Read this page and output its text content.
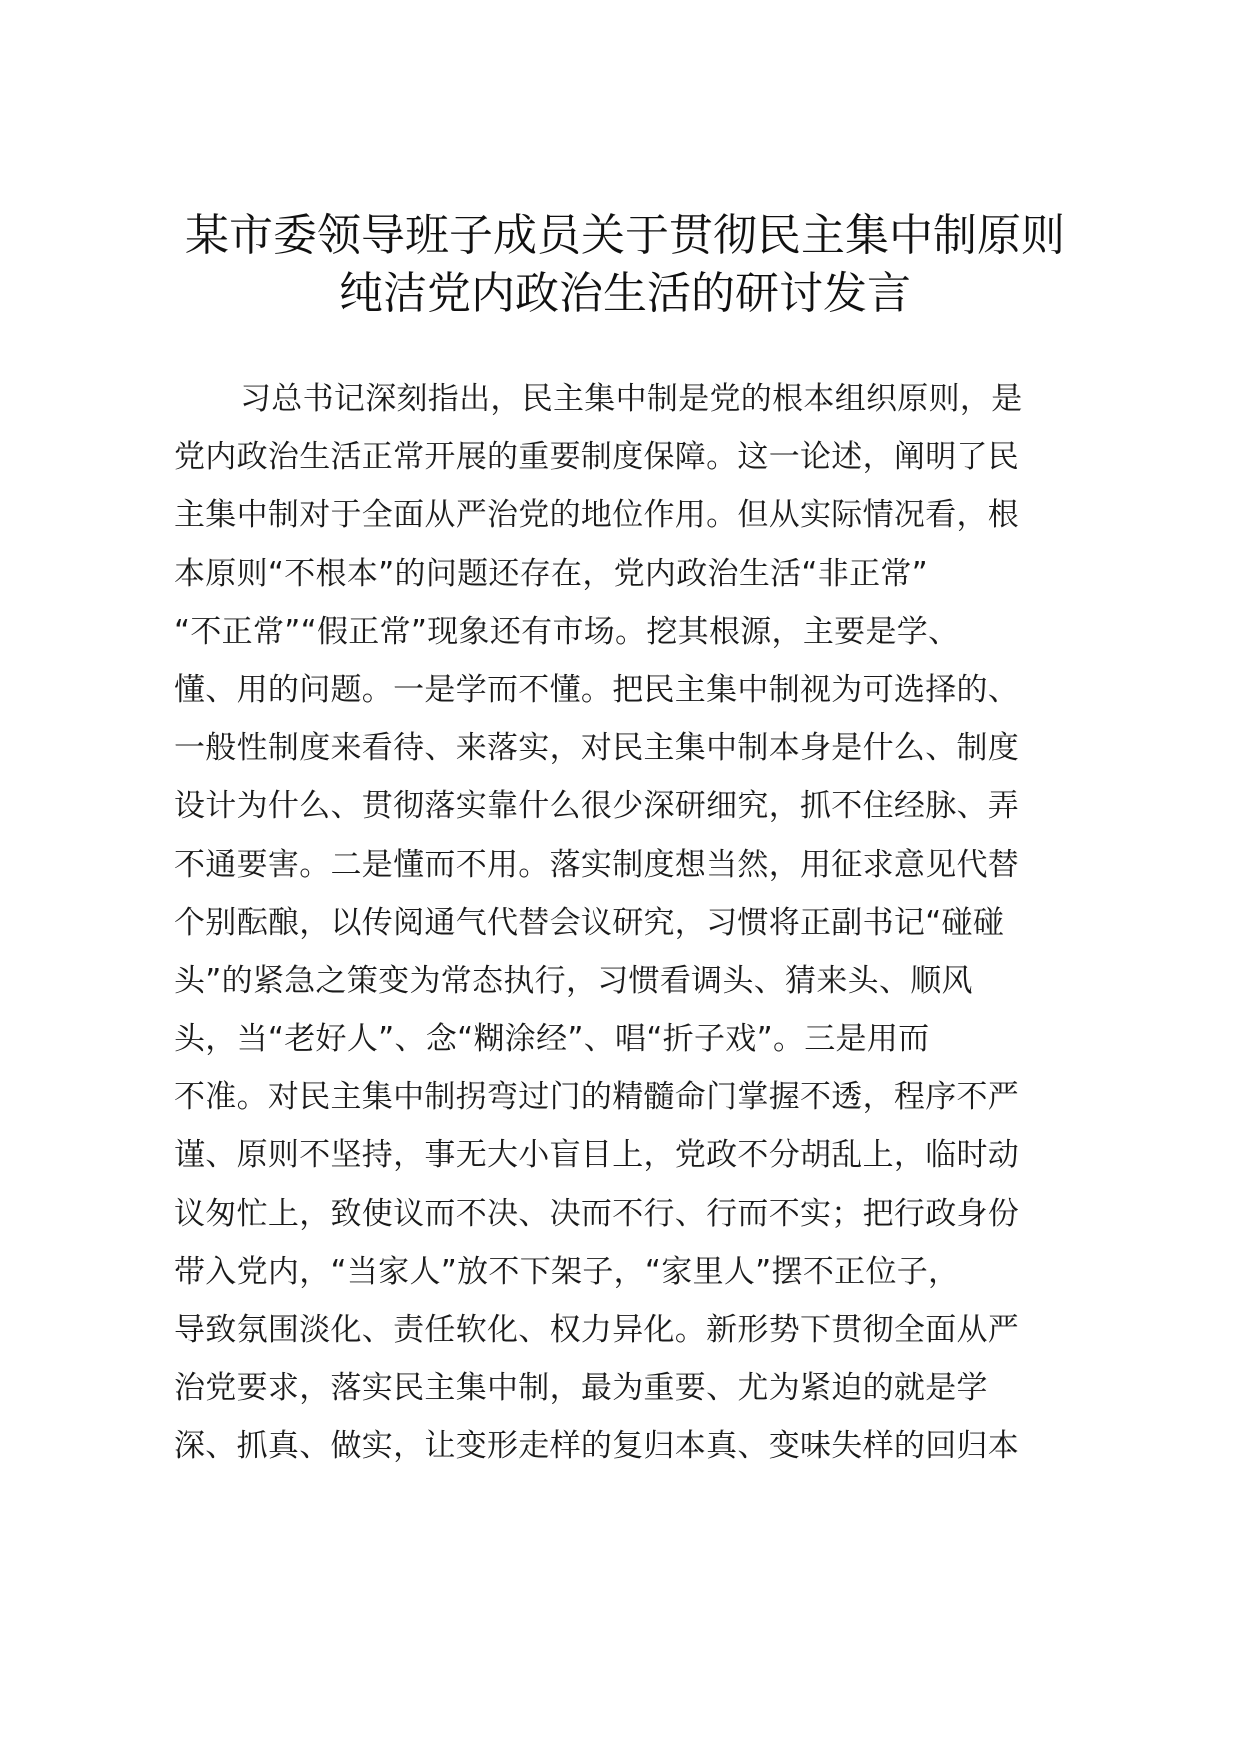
某市委领导班子成员关于贯彻民主集中制原则
纯洁党内政治生活的研讨发言
习总书记深刻指出，民主集中制是党的根本组织原则，是
党内政治生活正常开展的重要制度保障。这一论述，阐明了民
主集中制对于全面从严治党的地位作用。但从实际情况看，根
本原则“不根本”的问题还存在，党内政治生活“非正常”
“不正常”“假正常”现象还有市场。挖其根源，主要是学、
懂、用的问题。一是学而不懂。把民主集中制视为可选择的、
一般性制度来看待、来落实，对民主集中制本身是什么、制度
设计为什么、贯彻落实靠什么很少深研细究，抓不住经脉、弄
不通要害。二是懂而不用。落实制度想当然，用征求意见代替
个别酝酿，以传阅通气代替会议研究，习惯将正副书记“碰碰
头”的紧急之策变为常态执行，习惯看调头、猜来头、顺风
头，当“老好人”、念“糊涂经”、唱“折子戏”。三是用而
不准。对民主集中制拐弯过门的精髓命门掌握不透，程序不严
谨、原则不坚持，事无大小盲目上，党政不分胡乱上，临时动
议匆忙上，致使议而不决、决而不行、行而不实；把行政身份
带入党内，“当家人”放不下架子，“家里人”摆不正位子，
导致氛围淡化、责任软化、权力异化。新形势下贯彻全面从严
治党要求，落实民主集中制，最为重要、尤为紧迫的就是学
深、抓真、做实，让变形走样的复归本真、变味失样的回归本
